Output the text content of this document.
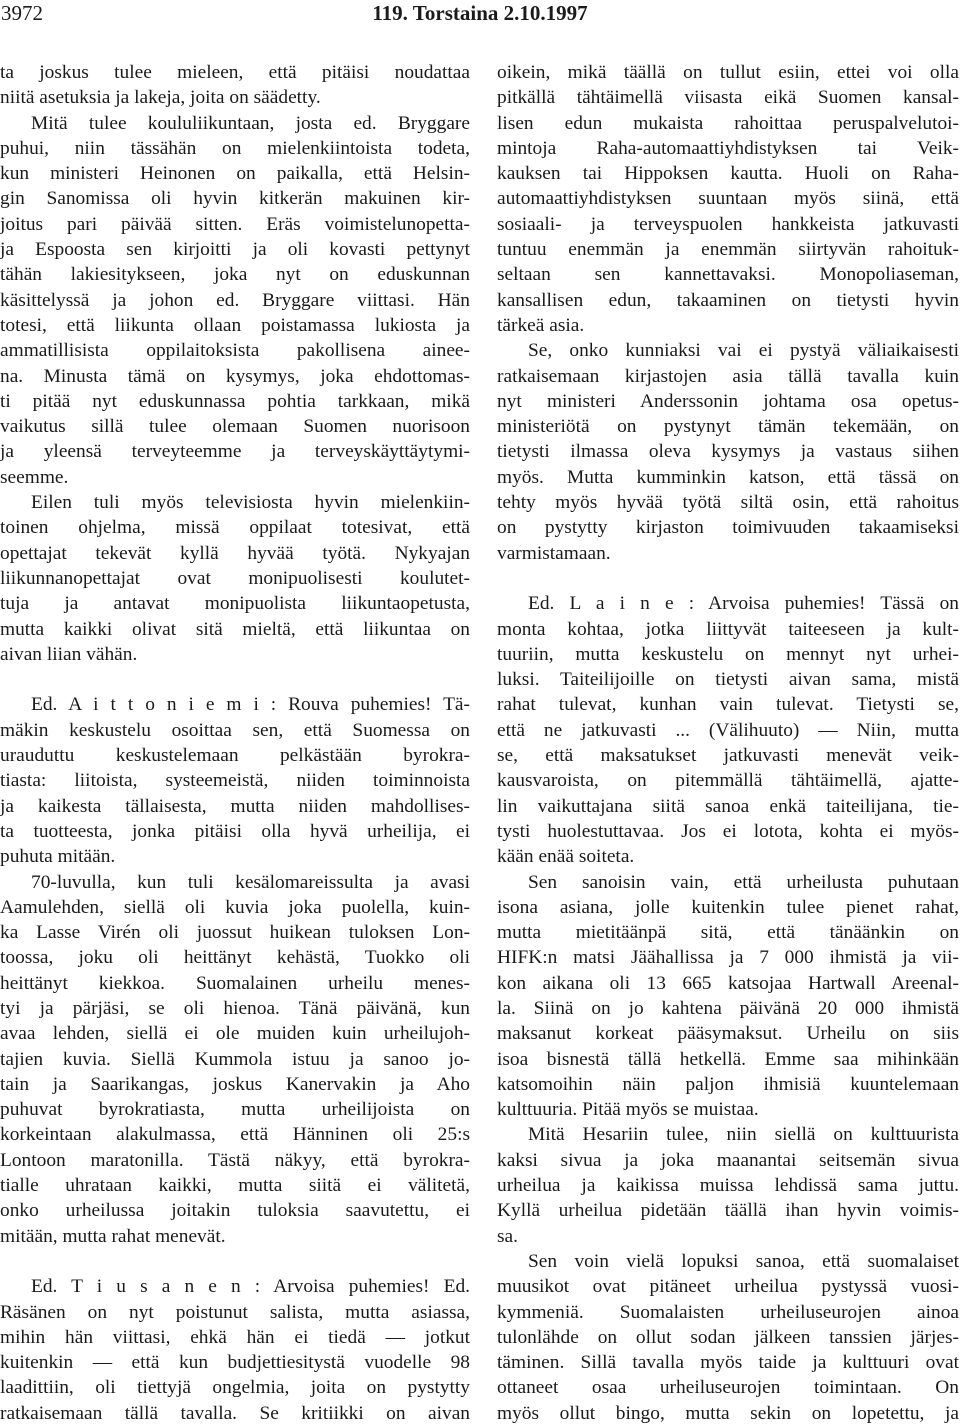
3972	119. Torstaina 2.10.1997
ta joskus tulee mieleen, että pitäisi noudattaa
niitä asetuksia ja lakeja, joita on säädetty.
Mitä tulee koululiikuntaan, josta ed. Bryggare
puhui, niin tässähän on mielenkiintoista todeta,
kun ministeri Heinonen on paikalla, että Helsin-
gin Sanomissa oli hyvin kitkerän makuinen kir-
joitus pari päivää sitten. Eräs voimistelunopetta-
ja Espoosta sen kirjoitti ja oli kovasti pettynyt
tähän lakiesitykseen, joka nyt on eduskunnan
käsittelyssä ja johon ed. Bryggare viittasi. Hän
totesi, että liikunta ollaan poistamassa lukiosta ja
ammatillisista oppilaitoksista pakollisena ainee-
na. Minusta tämä on kysymys, joka ehdottomas-
ti pitää nyt eduskunnassa pohtia tarkkaan, mikä
vaikutus sillä tulee olemaan Suomen nuorisoon
ja yleensä terveyteemme ja terveyskäyttäytymi-
seemme.
Eilen tuli myös televisiosta hyvin mielenkiin-
toinen ohjelma, missä oppilaat totesivat, että
opettajat tekevät kyllä hyvää työtä. Nykyajan
liikunnanopettajat ovat monipuolisesti koulutet-
tuja ja antavat monipuolista liikuntaopetusta,
mutta kaikki olivat sitä mieltä, että liikuntaa on
aivan liian vähän.
Ed. A i t t o n i e m i : Rouva puhemies! Tä-
mäkin keskustelu osoittaa sen, että Suomessa on
urauduttu keskustelemaan pelkästään byrokra-
tiasta: liitoista, systeemeistä, niiden toiminnoista
ja kaikesta tällaisesta, mutta niiden mahdollises-
ta tuotteesta, jonka pitäisi olla hyvä urheilija, ei
puhuta mitään.
70-luvulla, kun tuli kesälomareissulta ja avasi
Aamulehden, siellä oli kuvia joka puolella, kuin-
ka Lasse Virén oli juossut huikean tuloksen Lon-
toossa, joku oli heittänyt kehästä, Tuokko oli
heittänyt kiekkoa. Suomalainen urheilu menes-
tyi ja pärjäsi, se oli hienoa. Tänä päivänä, kun
avaa lehden, siellä ei ole muiden kuin urheilujoh-
tajien kuvia. Siellä Kummola istuu ja sanoo jo-
tain ja Saarikangas, joskus Kanervakin ja Aho
puhuvat byrokratiasta, mutta urheilijoista on
korkeintaan alakulmassa, että Hänninen oli 25:s
Lontoon maratonilla. Tästä näkyy, että byrokra-
tialle uhrataan kaikki, mutta siitä ei välitetä,
onko urheilussa joitakin tuloksia saavutettu, ei
mitään, mutta rahat menevät.
Ed. T i u s a n e n : Arvoisa puhemies! Ed.
Räsänen on nyt poistunut salista, mutta asiassa,
mihin hän viittasi, ehkä hän ei tiedä — jotkut
kuitenkin — että kun budjettiesitystä vuodelle 98
laadittiin, oli tiettyjä ongelmia, joita on pystytty
ratkaisemaan tällä tavalla. Se kritiikki on aivan
oikein, mikä täällä on tullut esiin, ettei voi olla
pitkällä tähtäimellä viisasta eikä Suomen kansal-
lisen edun mukaista rahoittaa peruspalvelutoi-
mintoja Raha-automaattiyhdistyksen tai Veik-
kauksen tai Hippoksen kautta. Huoli on Raha-
automaattiyhdistyksen suuntaan myös siinä, että
sosiaali- ja terveyspuolen hankkeista jatkuvasti
tuntuu enemmän ja enemmän siirtyvän rahoituk-
seltaan sen kannettavaksi. Monopoliaseman,
kansallisen edun, takaaminen on tietysti hyvin
tärkeä asia.
Se, onko kunniaksi vai ei pystyä väliaikaisesti
ratkaisemaan kirjastojen asia tällä tavalla kuin
nyt ministeri Anderssonin johtama osa opetus-
ministeriötä on pystynyt tämän tekemään, on
tietysti ilmassa oleva kysymys ja vastaus siihen
myös. Mutta kumminkin katson, että tässä on
tehty myös hyvää työtä siltä osin, että rahoitus
on pystytty kirjaston toimivuuden takaamiseksi
varmistamaan.
Ed. L a i n e : Arvoisa puhemies! Tässä on
monta kohtaa, jotka liittyvät taiteeseen ja kult-
tuuriin, mutta keskustelu on mennyt nyt urhei-
luksi. Taiteilijoille on tietysti aivan sama, mistä
rahat tulevat, kunhan vain tulevat. Tietysti se,
että ne jatkuvasti ... (Välihuuto) — Niin, mutta
se, että maksatukset jatkuvasti menevät veik-
kausvaroista, on pitemmällä tähtäimellä, ajatte-
lin vaikuttajana siitä sanoa enkä taiteilijana, tie-
tysti huolestuttavaa. Jos ei lotota, kohta ei myös-
kään enää soiteta.
Sen sanoisin vain, että urheilusta puhutaan
isona asiana, jolle kuitenkin tulee pienet rahat,
mutta mietitäänpä sitä, että tänäänkin on
HIFK:n matsi Jäähallissa ja 7 000 ihmistä ja vii-
kon aikana oli 13 665 katsojaa Hartwall Areenal-
la. Siinä on jo kahtena päivänä 20 000 ihmistä
maksanut korkeat pääsymaksut. Urheilu on siis
isoa bisnestä tällä hetkellä. Emme saa mihinkään
katsomoihin näin paljon ihmisiä kuuntelemaan
kulttuuria. Pitää myös se muistaa.
Mitä Hesariin tulee, niin siellä on kulttuurista
kaksi sivua ja joka maanantai seitsemän sivua
urheilua ja kaikissa muissa lehdissä sama juttu.
Kyllä urheilua pidetään täällä ihan hyvin voimis-
sa.
Sen voin vielä lopuksi sanoa, että suomalaiset
muusikot ovat pitäneet urheilua pystyssä vuosi-
kymmeniä. Suomalaisten urheiluseurojen ainoa
tulonlähde on ollut sodan jälkeen tanssien järjes-
täminen. Sillä tavalla myös taide ja kulttuuri ovat
ottaneet osaa urheiluseurojen toimintaan. On
myös ollut bingo, mutta sekin on lopetettu, ja
